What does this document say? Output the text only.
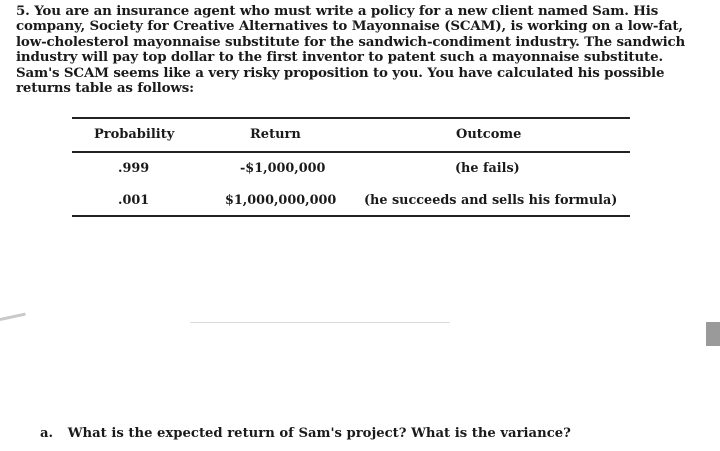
5. You are an insurance agent who must write a policy for a new client named Sam. His
company, Society for Creative Alternatives to Mayonnaise (SCAM), is working on a low-fat,
low-cholesterol mayonnaise substitute for the sandwich-condiment industry. The sandwich
industry will pay top dollar to the first inventor to patent such a mayonnaise substitute.
Sam's SCAM seems like a very risky proposition to you. You have calculated his possible
returns table as follows:
Probability	Return	Outcome
.999	-$1,000,000	(he fails)
.001	$1,000,000,000 (he succeeds and sells his formula)
a. What is the expected return of Sam's project? What is the variance?
